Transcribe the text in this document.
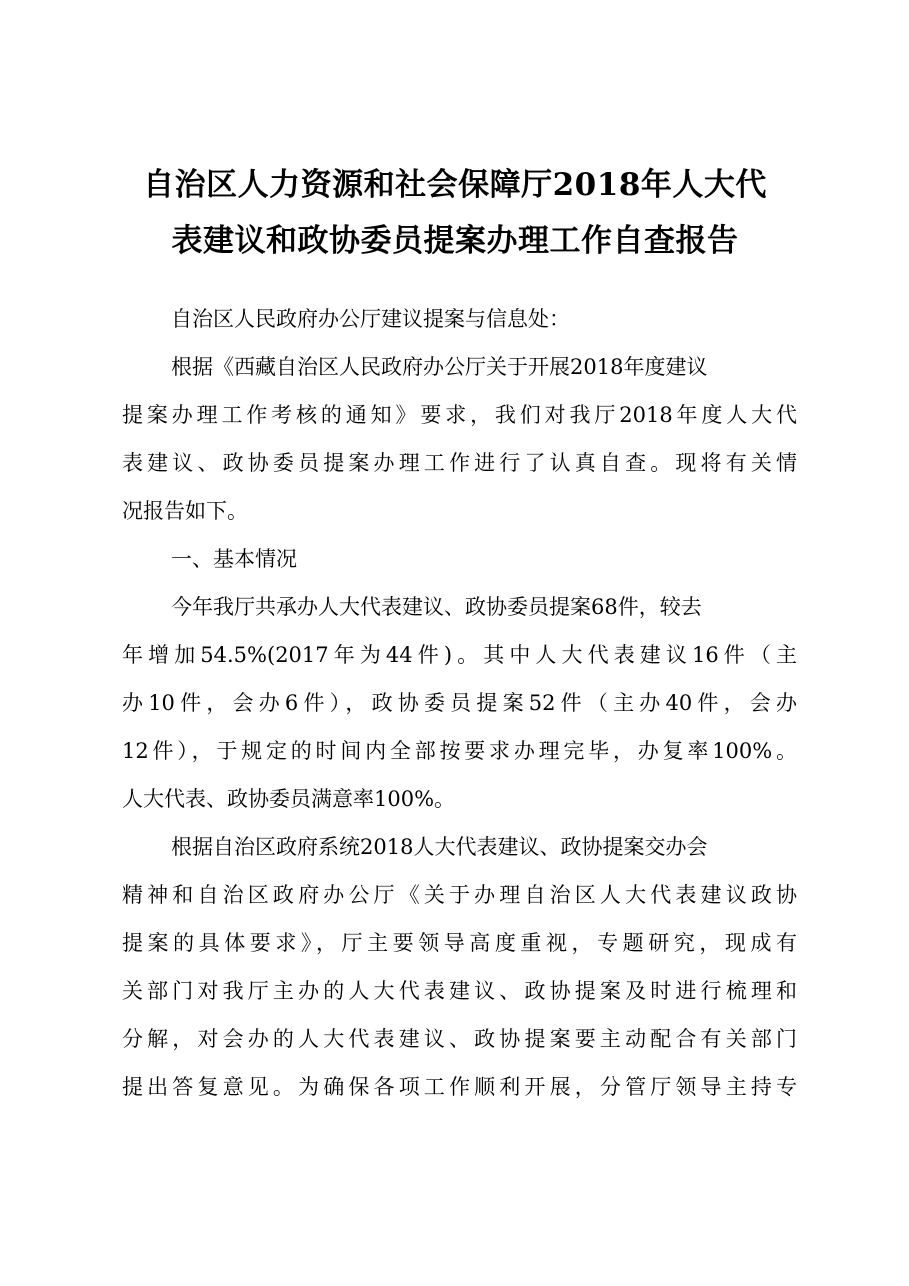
自治区人力资源和社会保障厅2018年人大代
表建议和政协委员提案办理工作自查报告

自治区人民政府办公厅建议提案与信息处：

根据《西藏自治区人民政府办公厅关于开展2018年度建议

提案办理工作考核的通知》要求，我们对我厅2018年度人大代

表建议、政协委员提案办理工作进行了认真自查。现将有关情

况报告如下。

一、基本情况

今年我厅共承办人大代表建议、政协委员提案68件，较去

年增加54.5%(2017年为44件)。其中人大代表建议16件（主

办10件，会办6件），政协委员提案52件（主办40件，会办

12件），于规定的时间内全部按要求办理完毕，办复率100%。

人大代表、政协委员满意率100%。

根据自治区政府系统2018人大代表建议、政协提案交办会

精神和自治区政府办公厅《关于办理自治区人大代表建议政协

提案的具体要求》，厅主要领导高度重视，专题研究，现成有

关部门对我厅主办的人大代表建议、政协提案及时进行梳理和

分解，对会办的人大代表建议、政协提案要主动配合有关部门

提出答复意见。为确保各项工作顺利开展，分管厅领导主持专
